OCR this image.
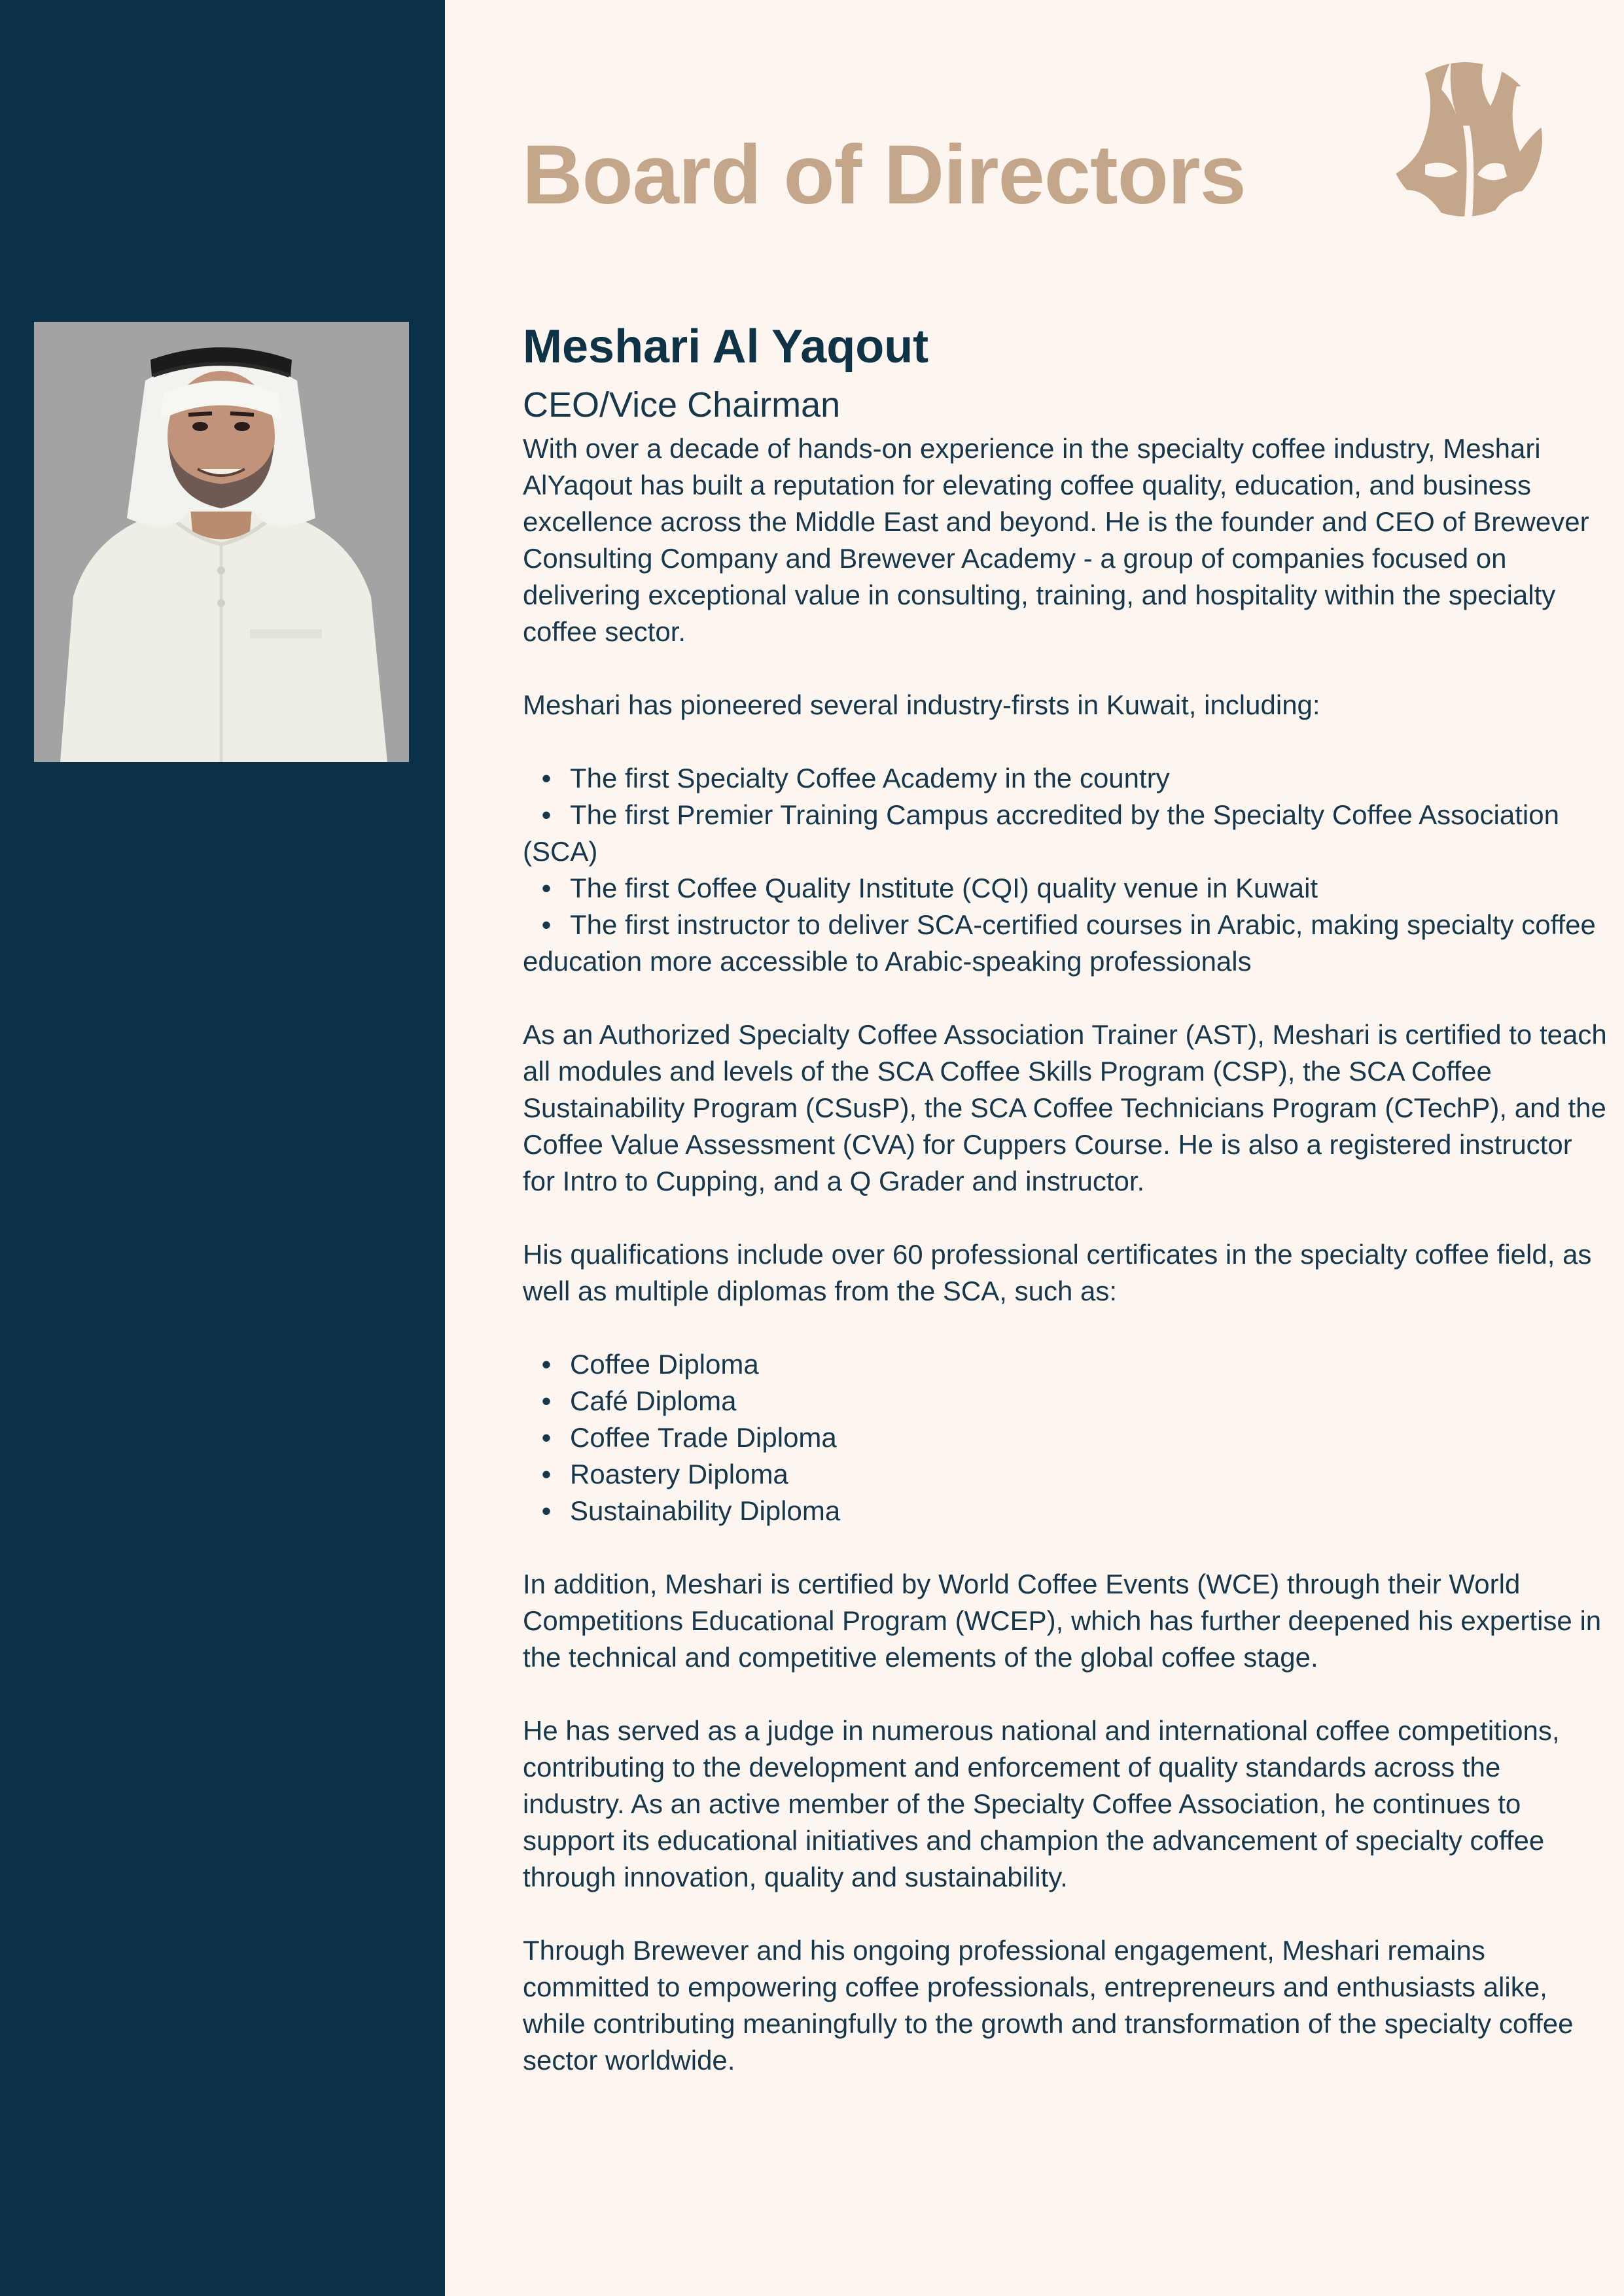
Board of Directors
Meshari Al Yaqout
CEO/Vice Chairman

With over a decade of hands-on experience in the specialty coffee industry, Meshari AlYaqout has built a reputation for elevating coffee quality, education, and business excellence across the Middle East and beyond. He is the founder and CEO of Brewever Consulting Company and Brewever Academy - a group of companies focused on delivering exceptional value in consulting, training, and hospitality within the specialty coffee sector.

Meshari has pioneered several industry-firsts in Kuwait, including:

• The first Specialty Coffee Academy in the country
• The first Premier Training Campus accredited by the Specialty Coffee Association (SCA)
• The first Coffee Quality Institute (CQI) quality venue in Kuwait
• The first instructor to deliver SCA-certified courses in Arabic, making specialty coffee education more accessible to Arabic-speaking professionals

As an Authorized Specialty Coffee Association Trainer (AST), Meshari is certified to teach all modules and levels of the SCA Coffee Skills Program (CSP), the SCA Coffee Sustainability Program (CSusP), the SCA Coffee Technicians Program (CTechP), and the Coffee Value Assessment (CVA) for Cuppers Course. He is also a registered instructor for Intro to Cupping, and a Q Grader and instructor.

His qualifications include over 60 professional certificates in the specialty coffee field, as well as multiple diplomas from the SCA, such as:

• Coffee Diploma
• Café Diploma
• Coffee Trade Diploma
• Roastery Diploma
• Sustainability Diploma

In addition, Meshari is certified by World Coffee Events (WCE) through their World Competitions Educational Program (WCEP), which has further deepened his expertise in the technical and competitive elements of the global coffee stage.

He has served as a judge in numerous national and international coffee competitions, contributing to the development and enforcement of quality standards across the industry. As an active member of the Specialty Coffee Association, he continues to support its educational initiatives and champion the advancement of specialty coffee through innovation, quality and sustainability.

Through Brewever and his ongoing professional engagement, Meshari remains committed to empowering coffee professionals, entrepreneurs and enthusiasts alike, while contributing meaningfully to the growth and transformation of the specialty coffee sector worldwide.
